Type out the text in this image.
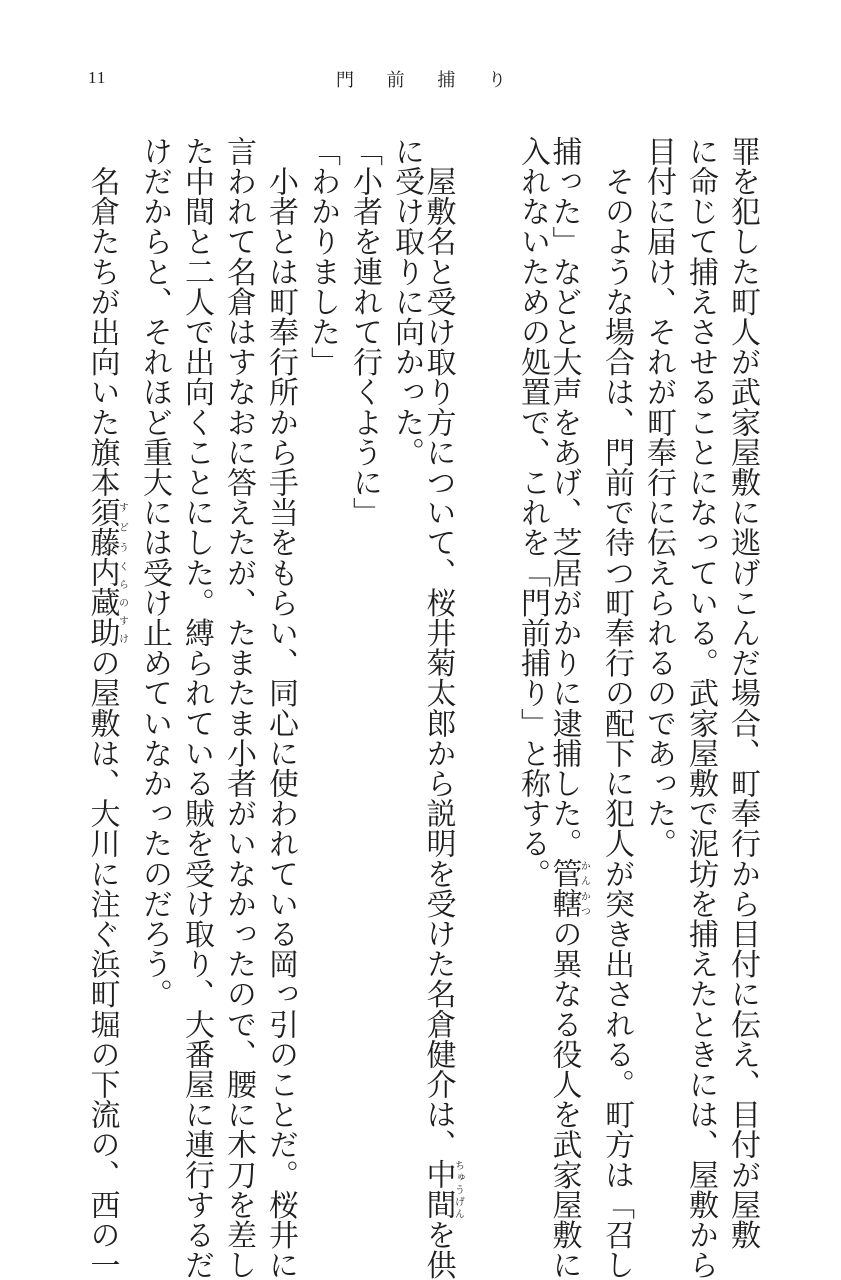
11	門 前 捕 り
罪を犯した町人が武家屋敷に逃げこんだ場合、町奉行から目付に伝え、目付が屋敷
に命じて捕えさせることになっている。武家屋敷で泥坊を捕えたときには、屋敷から
目付に届け、それが町奉行に伝えられるのであった。
　そのような場合は、門前で待つ町奉行の配下に犯人が突き出される。町方は「召し
捕った」などと大声をあげ、芝居がかりに逮捕した。管轄かんかつの異なる役人を武家屋敷に
入れないための処置で、これを「門前捕り」と称する。
　屋敷名と受け取り方について、桜井菊太郎から説明を受けた名倉健介は、中間ちゅうげんを供
に受け取りに向かった。
「小者を連れて行くように」
「わかりました」
　小者とは町奉行所から手当をもらい、同心に使われている岡っ引のことだ。桜井に
言われて名倉はすなおに答えたが、たまたま小者がいなかったので、腰に木刀を差し
た中間と二人で出向くことにした。縛られている賊を受け取り、大番屋に連行するだ
けだからと、それほど重大には受け止めていなかったのだろう。
　名倉たちが出向いた旗本須藤すどう内蔵助くらのすけの屋敷は、大川に注ぐ浜町堀の下流の、西の一
